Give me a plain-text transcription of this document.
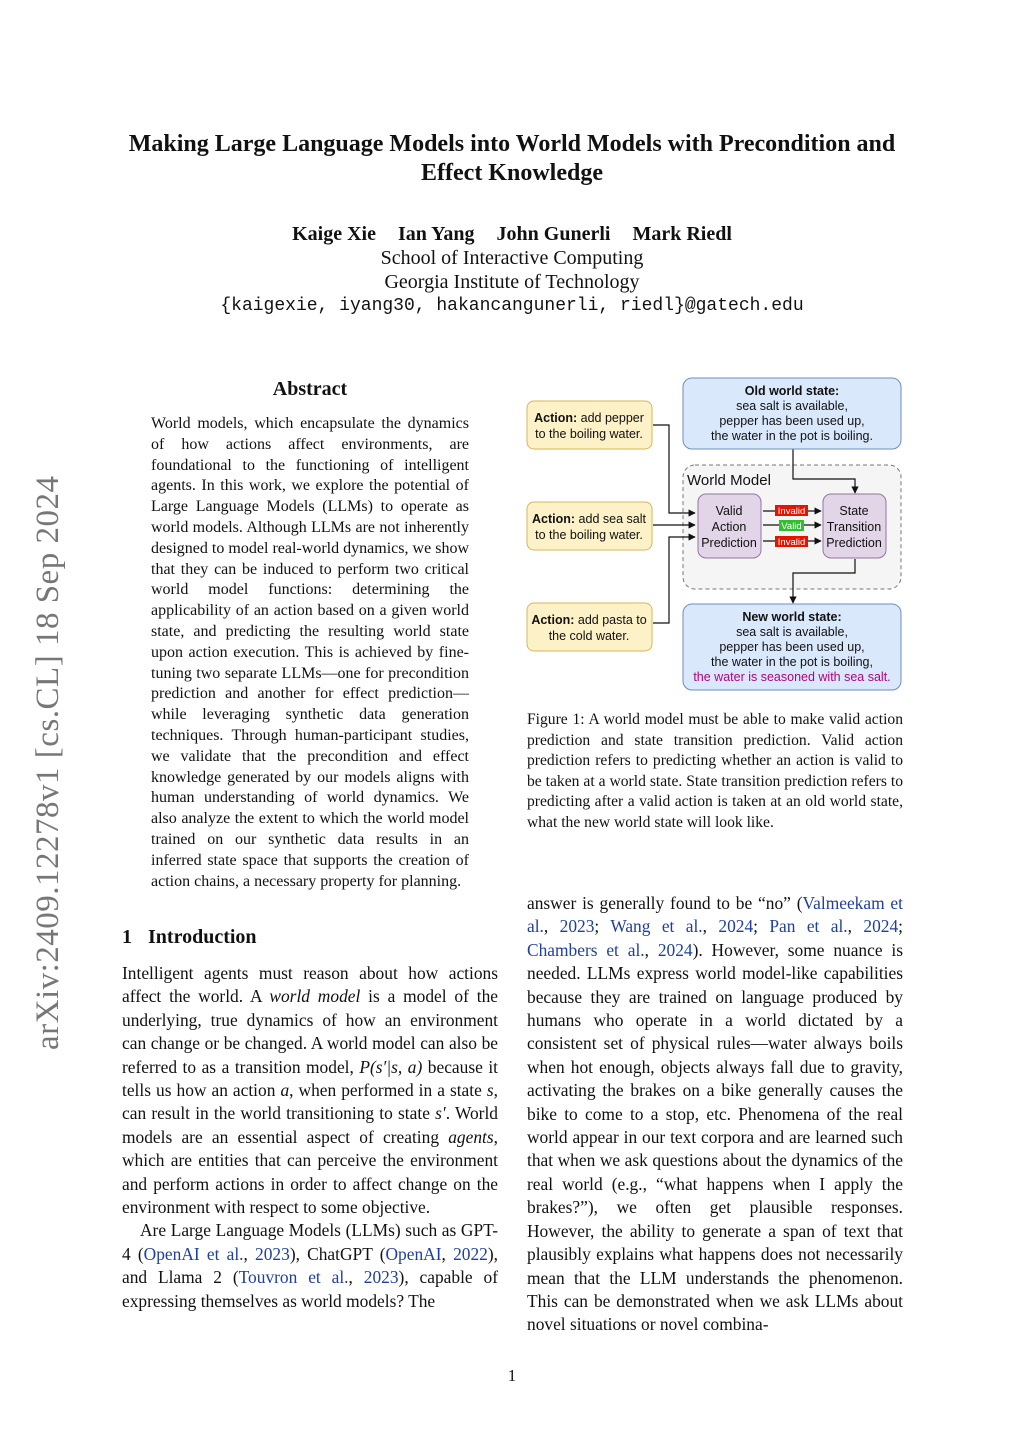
Making Large Language Models into World Models with Precondition and
Effect Knowledge
Kaige Xie Ian Yang John Gunerli Mark Riedl
School of Interactive Computing
Georgia Institute of Technology
{kaigexie, iyang30, hakancangunerli, riedl}@gatech.edu
arXiv:2409.12278v1 [cs.CL] 18 Sep 2024
Abstract
World models, which encapsulate the dynamics of how actions affect environments, are foundational to the functioning of intelligent agents. In this work, we explore the potential of Large Language Models (LLMs) to operate as world models. Although LLMs are not inherently designed to model real-world dynamics, we show that they can be induced to perform two critical world model functions: determining the applicability of an action based on a given world state, and predicting the resulting world state upon action execution. This is achieved by fine-tuning two separate LLMs—one for precondition prediction and another for effect prediction—while leveraging synthetic data generation techniques. Through human-participant studies, we validate that the precondition and effect knowledge generated by our models aligns with human understanding of world dynamics. We also analyze the extent to which the world model trained on our synthetic data results in an inferred state space that supports the creation of action chains, a necessary property for planning.
1 Introduction

Intelligent agents must reason about how actions affect the world. A world model is a model of the underlying, true dynamics of how an environment can change or be changed. A world model can also be referred to as a transition model, P(s′|s, a) because it tells us how an action a, when performed in a state s, can result in the world transitioning to state s′. World models are an essential aspect of creating agents, which are entities that can perceive the environment and perform actions in order to affect change on the environment with respect to some objective.

Are Large Language Models (LLMs) such as GPT-4 (OpenAI et al., 2023), ChatGPT (OpenAI, 2022), and Llama 2 (Touvron et al., 2023), capable of expressing themselves as world models? The

World Model
Action: add pepper
to the boiling water.
Action: add sea salt
to the boiling water.
Action: add pasta to
the cold water.
Old world state:
sea salt is available,
pepper has been used up,
the water in the pot is boiling.
Valid
Action
Prediction
State
Transition
Prediction
Invalid
Valid
Invalid
New world state:
sea salt is available,
pepper has been used up,
the water in the pot is boiling,
the water is seasoned with sea salt.
Figure 1: A world model must be able to make valid action prediction and state transition prediction. Valid action prediction refers to predicting whether an action is valid to be taken at a world state. State transition prediction refers to predicting after a valid action is taken at an old world state, what the new world state will look like.

answer is generally found to be “no” (Valmeekam et al., 2023; Wang et al., 2024; Pan et al., 2024; Chambers et al., 2024). However, some nuance is needed. LLMs express world model-like capabilities because they are trained on language produced by humans who operate in a world dictated by a consistent set of physical rules—water always boils when hot enough, objects always fall due to gravity, activating the brakes on a bike generally causes the bike to come to a stop, etc. Phenomena of the real world appear in our text corpora and are learned such that when we ask questions about the dynamics of the real world (e.g., “what happens when I apply the brakes?”), we often get plausible responses. However, the ability to generate a span of text that plausibly explains what happens does not necessarily mean that the LLM understands the phenomenon. This can be demonstrated when we ask LLMs about novel situations or novel combina-

1
